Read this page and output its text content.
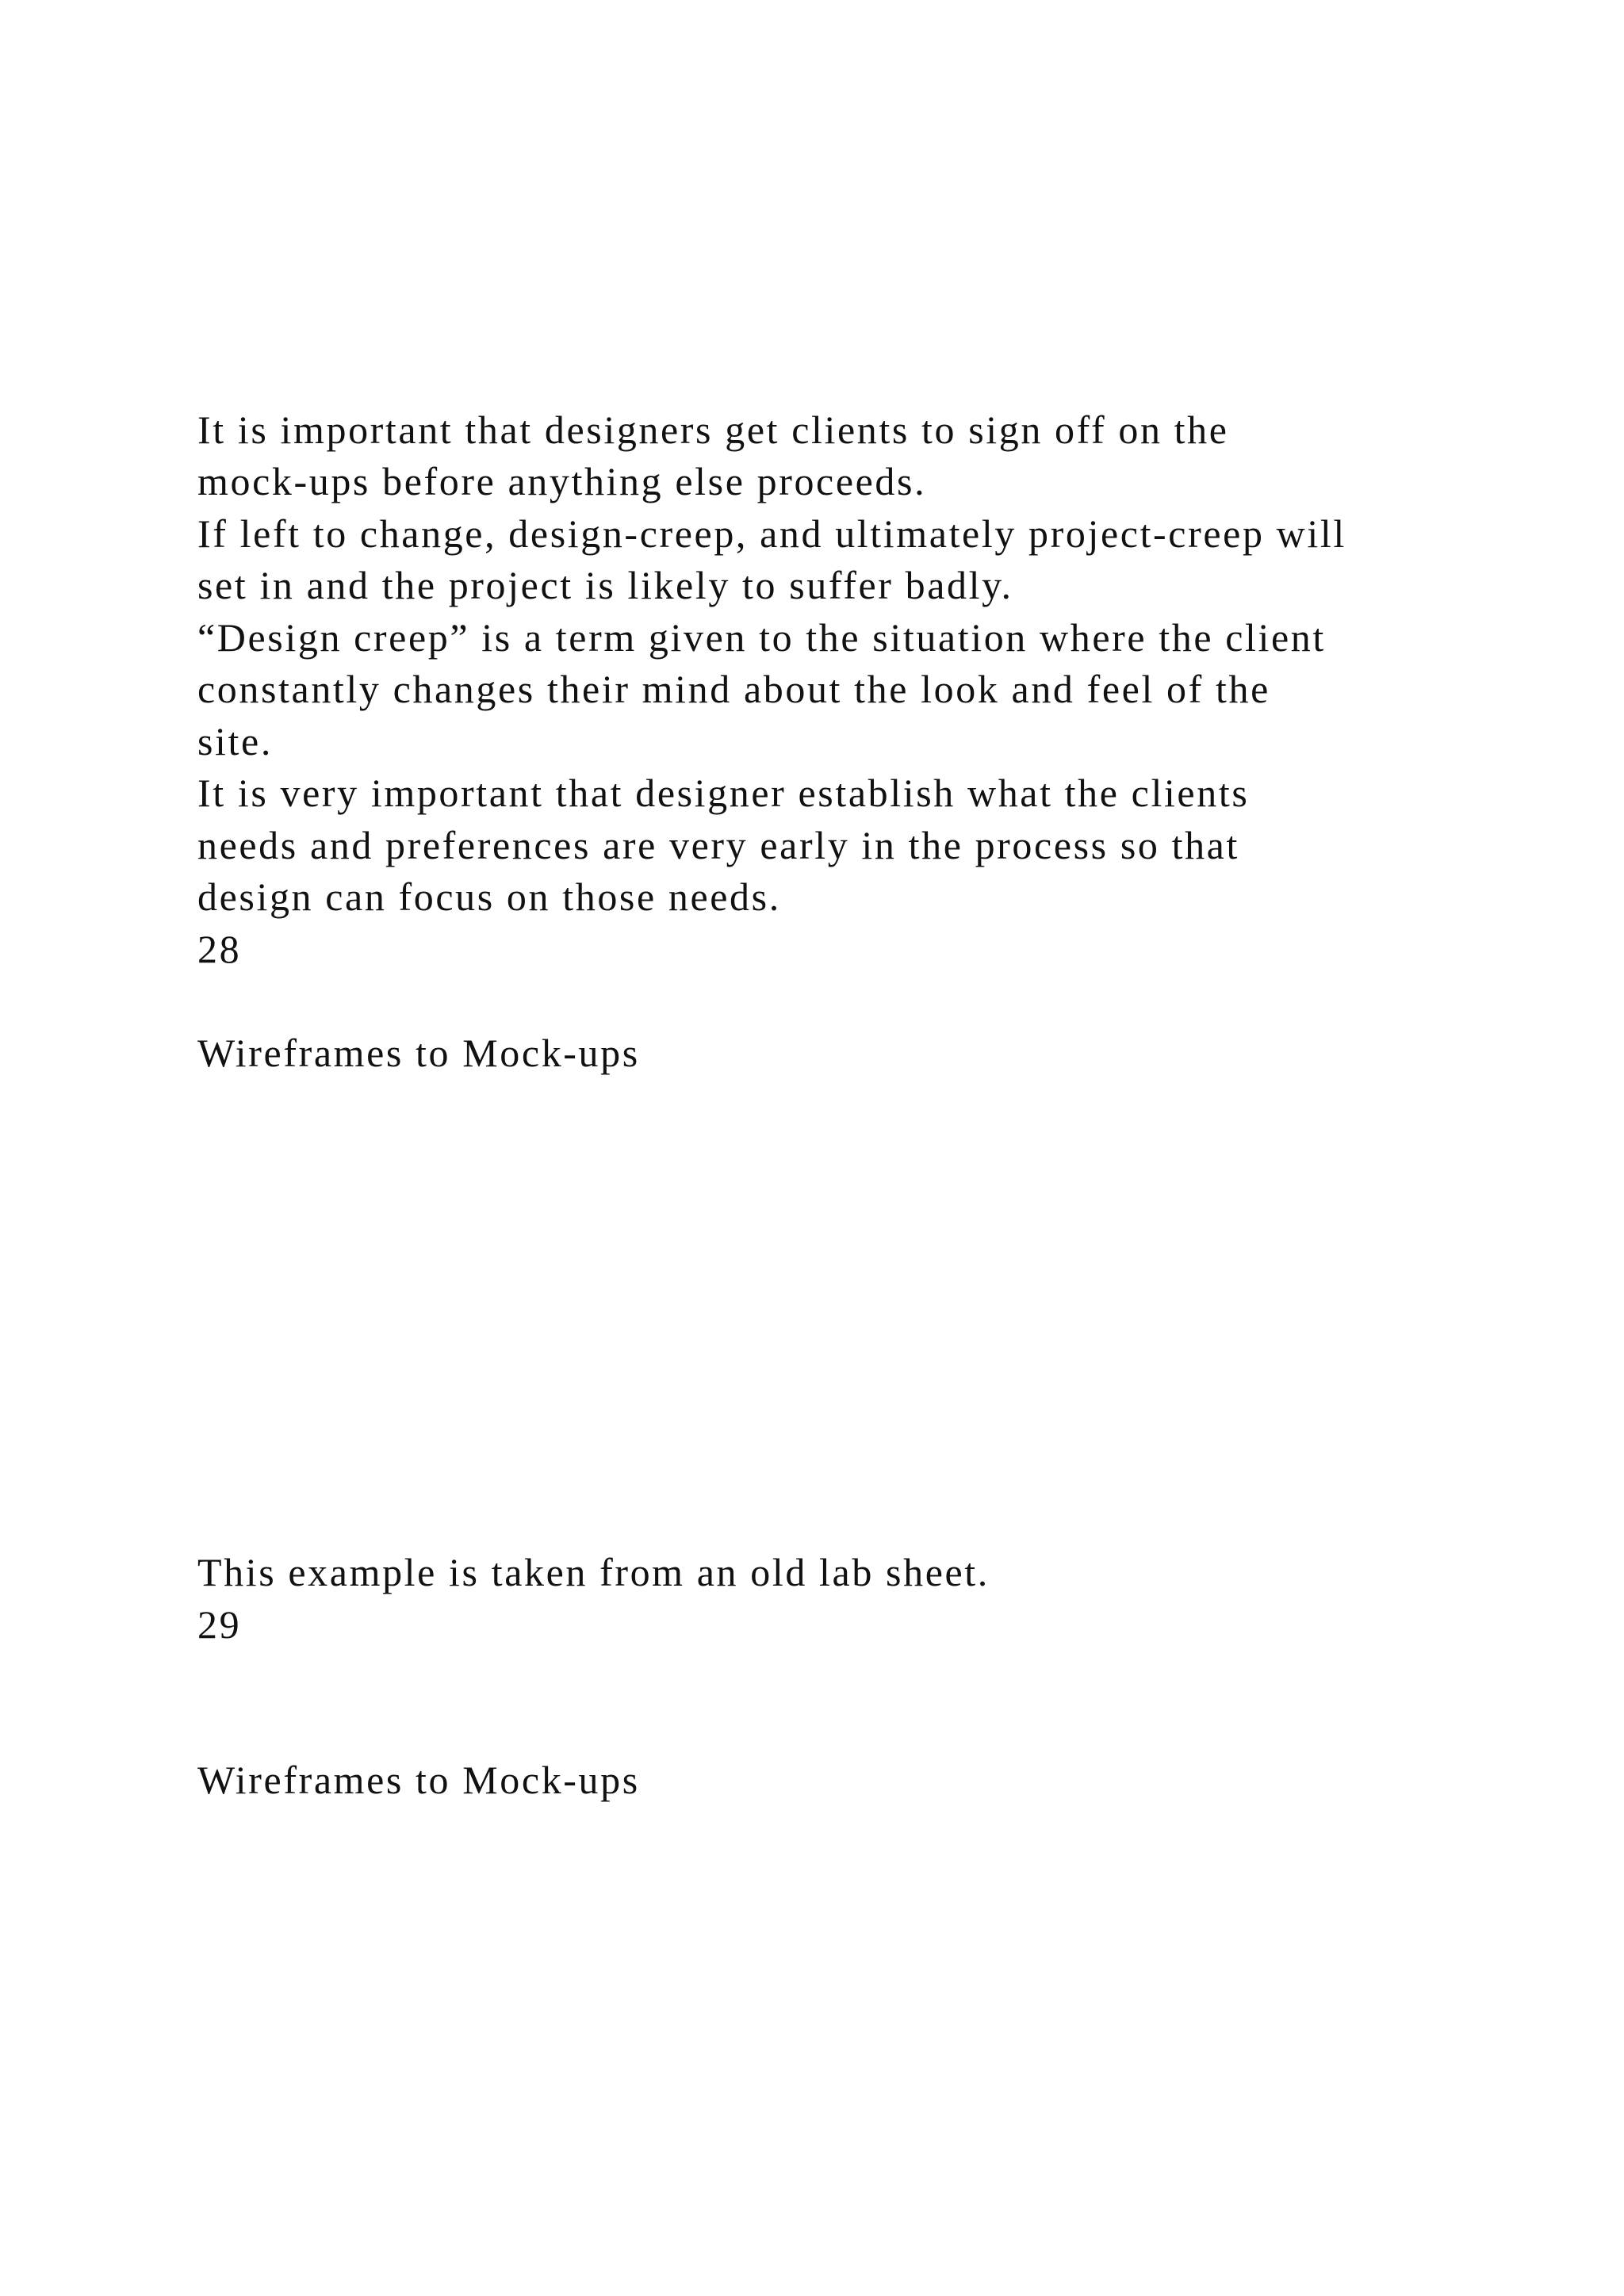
It is important that designers get clients to sign off on the
mock-ups before anything else proceeds.
If left to change, design-creep, and ultimately project-creep will
set in and the project is likely to suffer badly.
“Design creep” is a term given to the situation where the client
constantly changes their mind about the look and feel of the
site.
It is very important that designer establish what the clients
needs and preferences are very early in the process so that
design can focus on those needs.
28
Wireframes to Mock-ups
This example is taken from an old lab sheet.
29
Wireframes to Mock-ups
